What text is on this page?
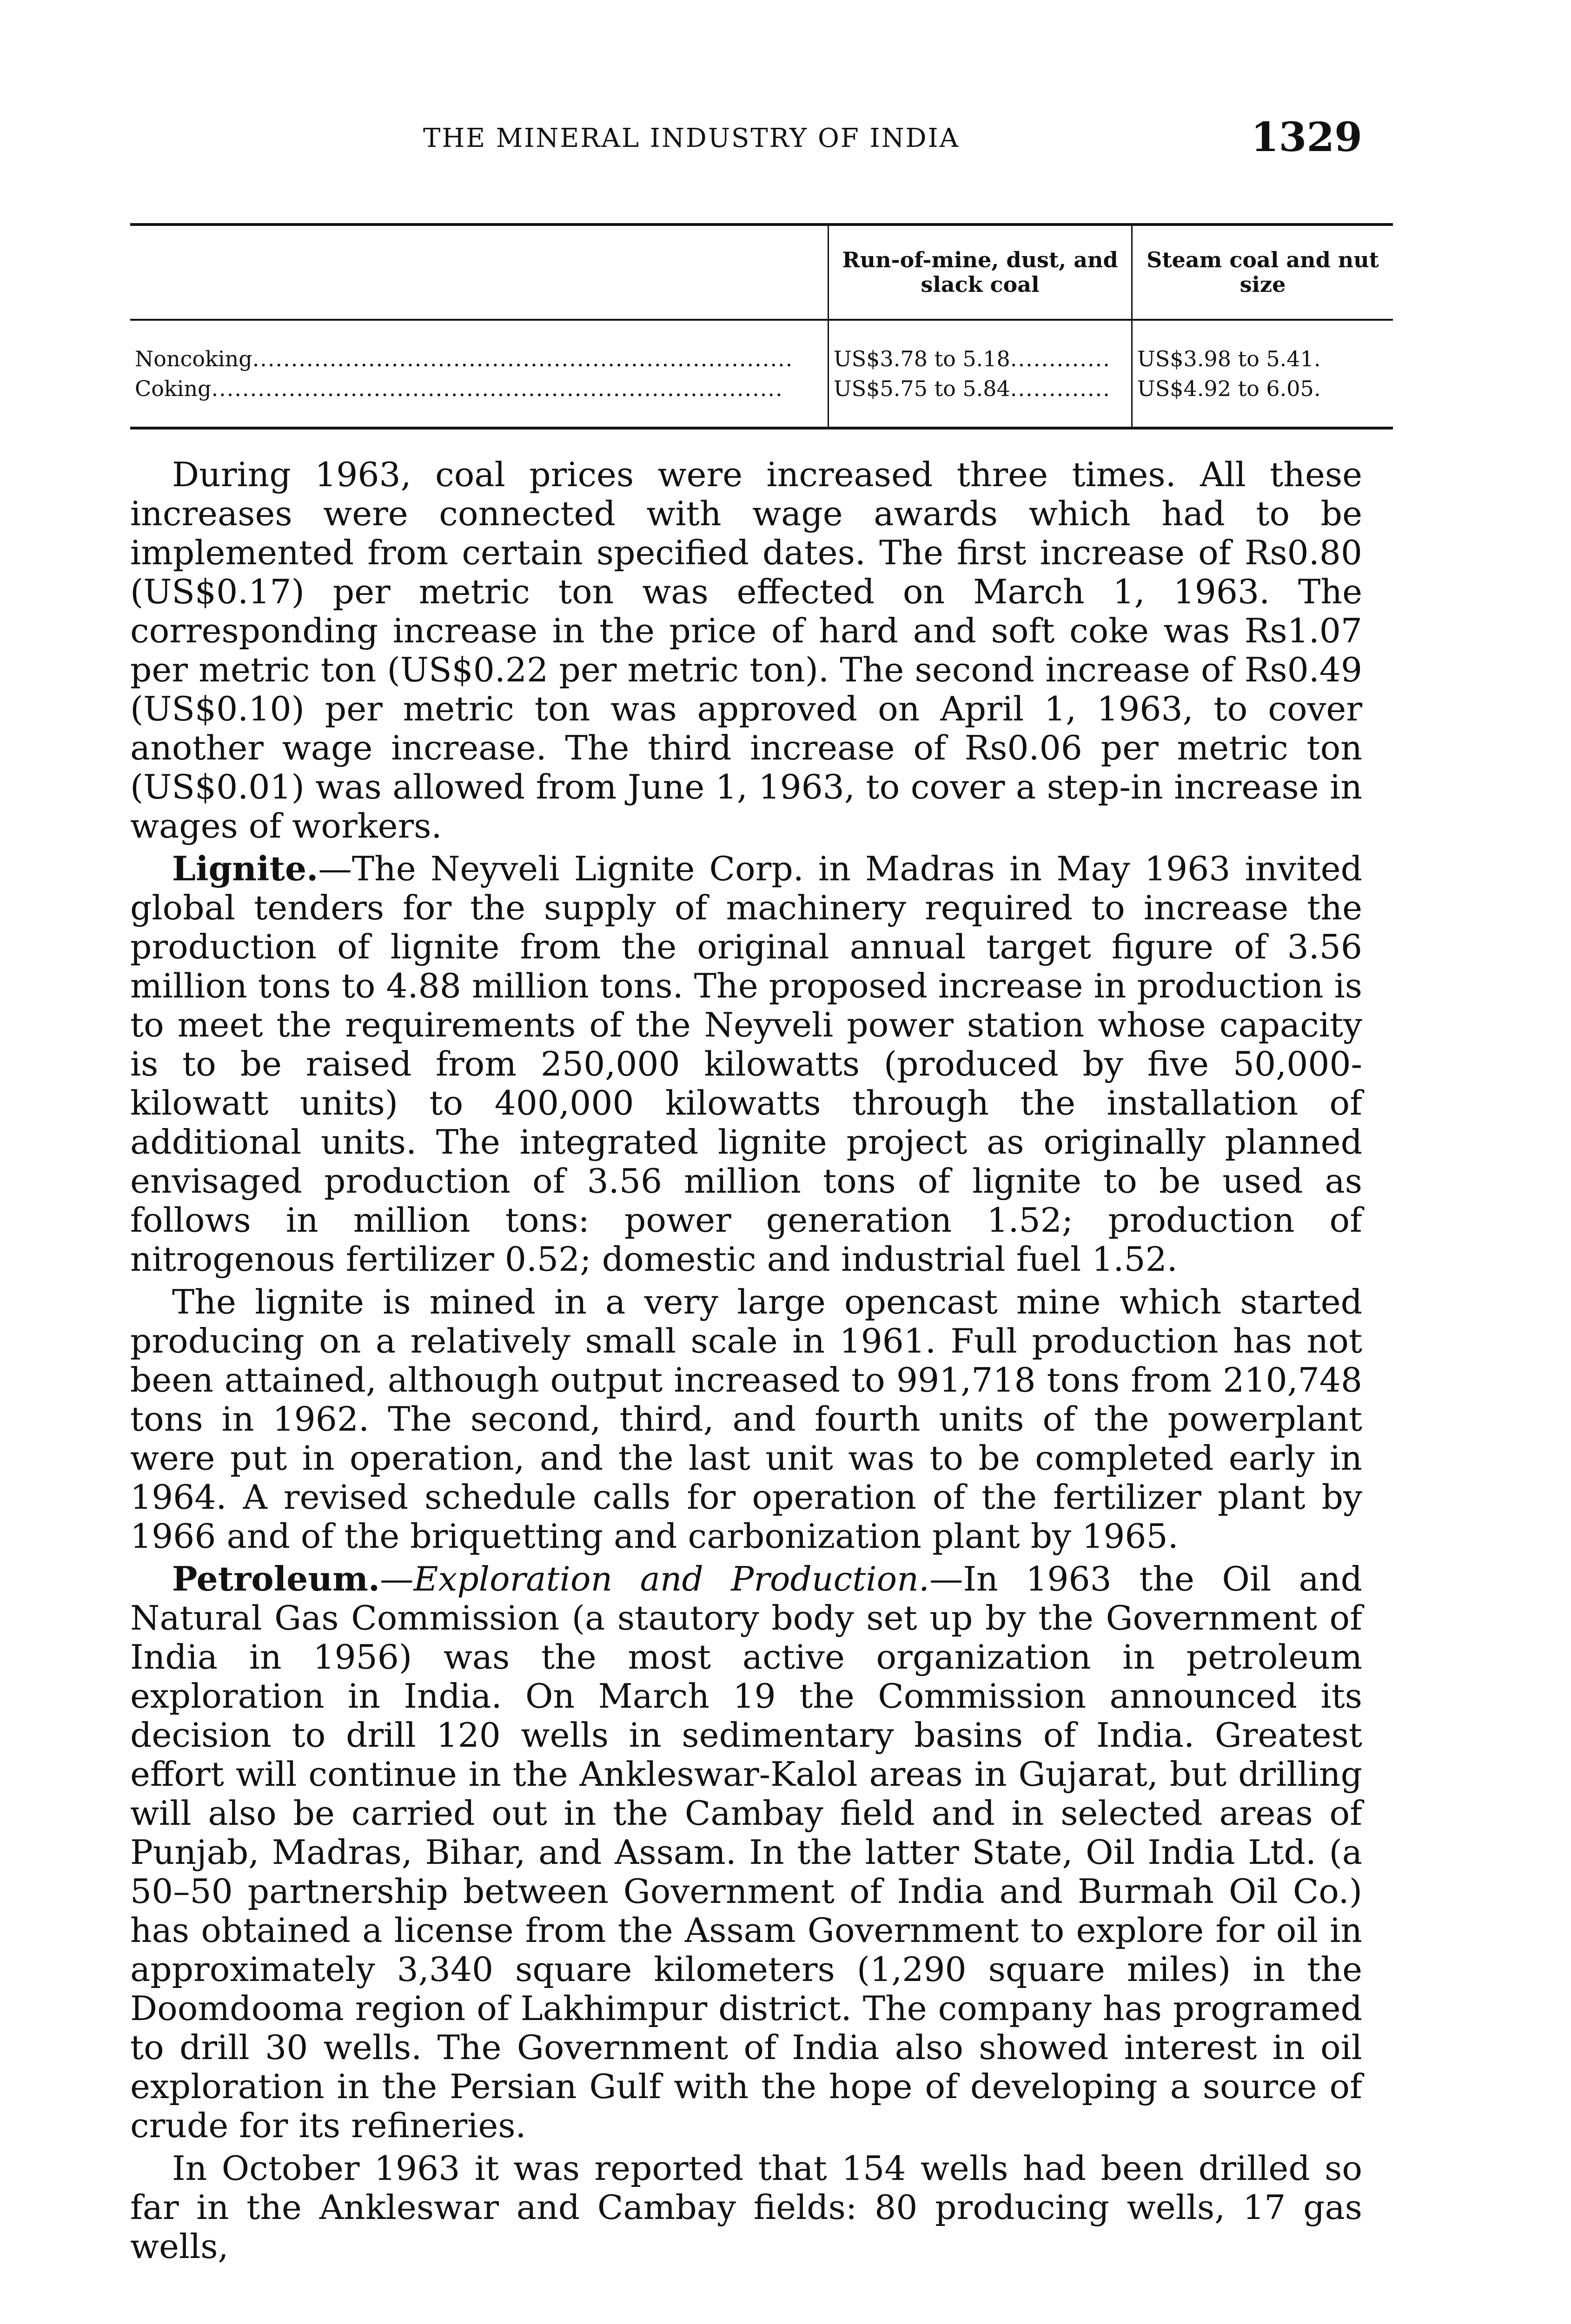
THE MINERAL INDUSTRY OF INDIA	1329
	Run-of-mine, dust, and slack coal	Steam coal and nut size
Noncoking......................................................................	US$3.78 to 5.18.............	US$3.98 to 5.41.
Coking..........................................................................	US$5.75 to 5.84.............	US$4.92 to 6.05.

During 1963, coal prices were increased three times. All these increases were connected with wage awards which had to be implemented from certain specified dates. The first increase of Rs0.80 (US$0.17) per metric ton was effected on March 1, 1963. The corresponding increase in the price of hard and soft coke was Rs1.07 per metric ton (US$0.22 per metric ton). The second increase of Rs0.49 (US$0.10) per metric ton was approved on April 1, 1963, to cover another wage increase. The third increase of Rs0.06 per metric ton (US$0.01) was allowed from June 1, 1963, to cover a step-in increase in wages of workers.

Lignite.—The Neyveli Lignite Corp. in Madras in May 1963 invited global tenders for the supply of machinery required to increase the production of lignite from the original annual target figure of 3.56 million tons to 4.88 million tons. The proposed increase in production is to meet the requirements of the Neyveli power station whose capacity is to be raised from 250,000 kilowatts (produced by five 50,000-kilowatt units) to 400,000 kilowatts through the installation of additional units. The integrated lignite project as originally planned envisaged production of 3.56 million tons of lignite to be used as follows in million tons: power generation 1.52; production of nitrogenous fertilizer 0.52; domestic and industrial fuel 1.52.

The lignite is mined in a very large opencast mine which started producing on a relatively small scale in 1961. Full production has not been attained, although output increased to 991,718 tons from 210,748 tons in 1962. The second, third, and fourth units of the powerplant were put in operation, and the last unit was to be completed early in 1964. A revised schedule calls for operation of the fertilizer plant by 1966 and of the briquetting and carbonization plant by 1965.

Petroleum.—Exploration and Production.—In 1963 the Oil and Natural Gas Commission (a stautory body set up by the Government of India in 1956) was the most active organization in petroleum exploration in India. On March 19 the Commission announced its decision to drill 120 wells in sedimentary basins of India. Greatest effort will continue in the Ankleswar-Kalol areas in Gujarat, but drilling will also be carried out in the Cambay field and in selected areas of Punjab, Madras, Bihar, and Assam. In the latter State, Oil India Ltd. (a 50–50 partnership between Government of India and Burmah Oil Co.) has obtained a license from the Assam Government to explore for oil in approximately 3,340 square kilometers (1,290 square miles) in the Doomdooma region of Lakhimpur district. The company has programed to drill 30 wells. The Government of India also showed interest in oil exploration in the Persian Gulf with the hope of developing a source of crude for its refineries.

In October 1963 it was reported that 154 wells had been drilled so far in the Ankleswar and Cambay fields: 80 producing wells, 17 gas wells,
